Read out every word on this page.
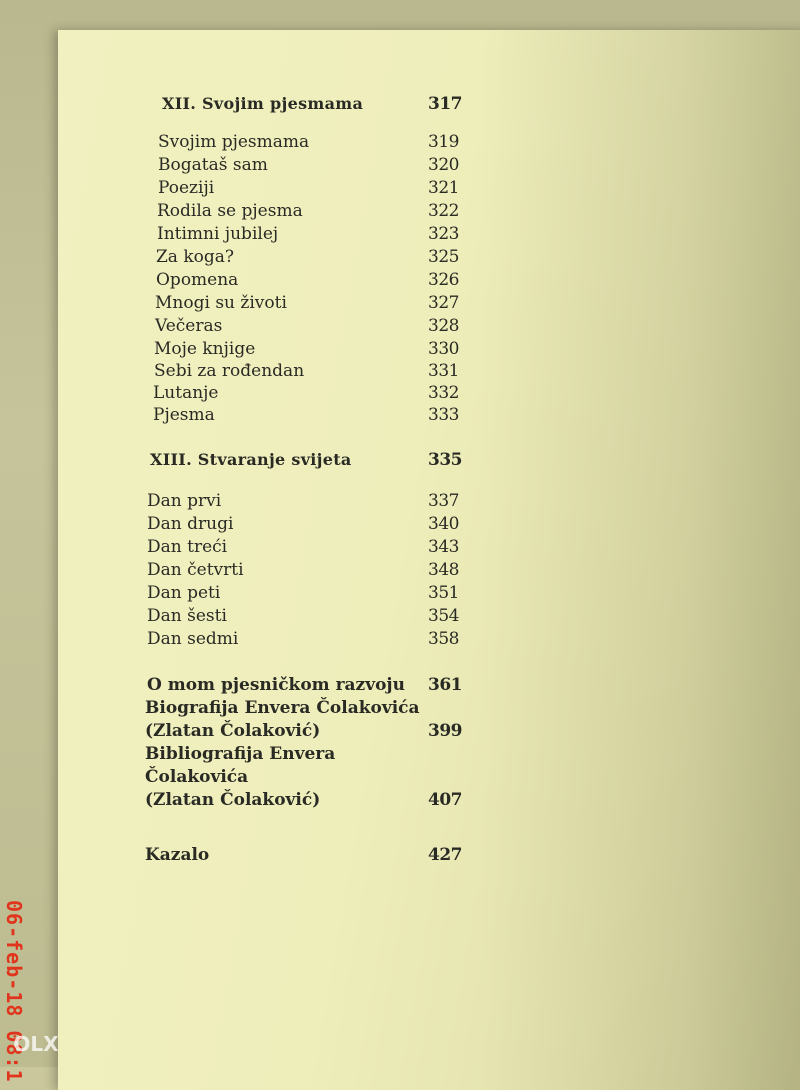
XII. Svojim pjesmama	317
Svojim pjesmama	319
Bogataš sam	320
Poeziji	321
Rodila se pjesma	322
Intimni jubilej	323
Za koga?	325
Opomena	326
Mnogi su životi	327
Večeras	328
Moje knjige	330
Sebi za rođendan	331
Lutanje	332
Pjesma	333
XIII. Stvaranje svijeta	335
Dan prvi	337
Dan drugi	340
Dan treći	343
Dan četvrti	348
Dan peti	351
Dan šesti	354
Dan sedmi	358
O mom pjesničkom razvoju 361
Biografija Envera Čolakovića
(Zlatan Čolaković)	399
Bibliografija Envera
Čolakovića
(Zlatan Čolaković)	407
Kazalo	427
06-feb-18 08:1
OLX
